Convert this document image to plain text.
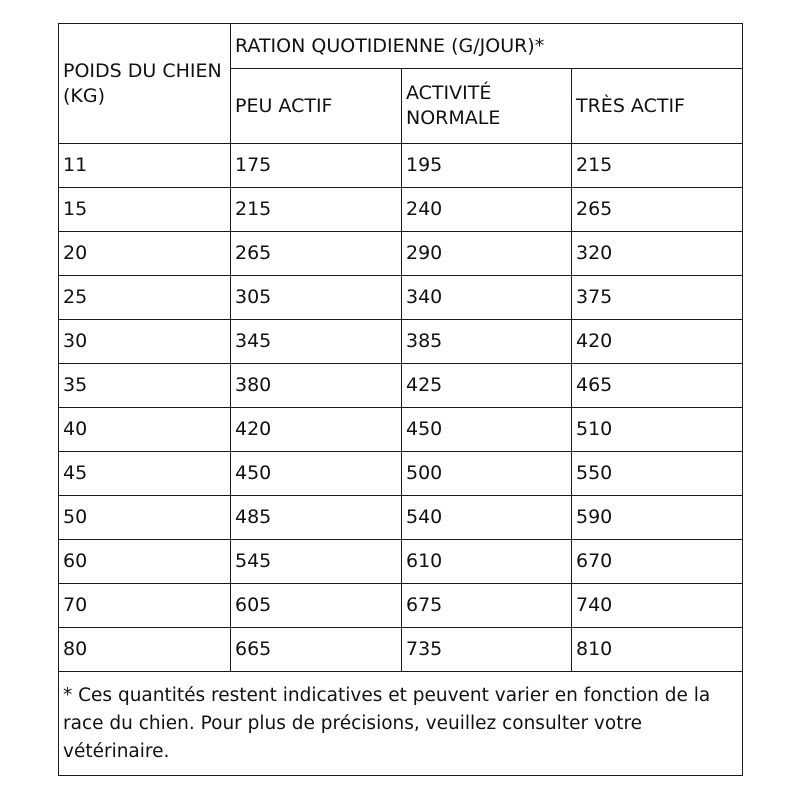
POIDS DU CHIEN (KG)	RATION QUOTIDIENNE (G/JOUR)*		
	PEU ACTIF	ACTIVITÉ NORMALE	TRÈS ACTIF
11	175	195	215
15	215	240	265
20	265	290	320
25	305	340	375
30	345	385	420
35	380	425	465
40	420	450	510
45	450	500	550
50	485	540	590
60	545	610	670
70	605	675	740
80	665	735	810
* Ces quantités restent indicatives et peuvent varier en fonction de la race du chien. Pour plus de précisions, veuillez consulter votre vétérinaire.			
